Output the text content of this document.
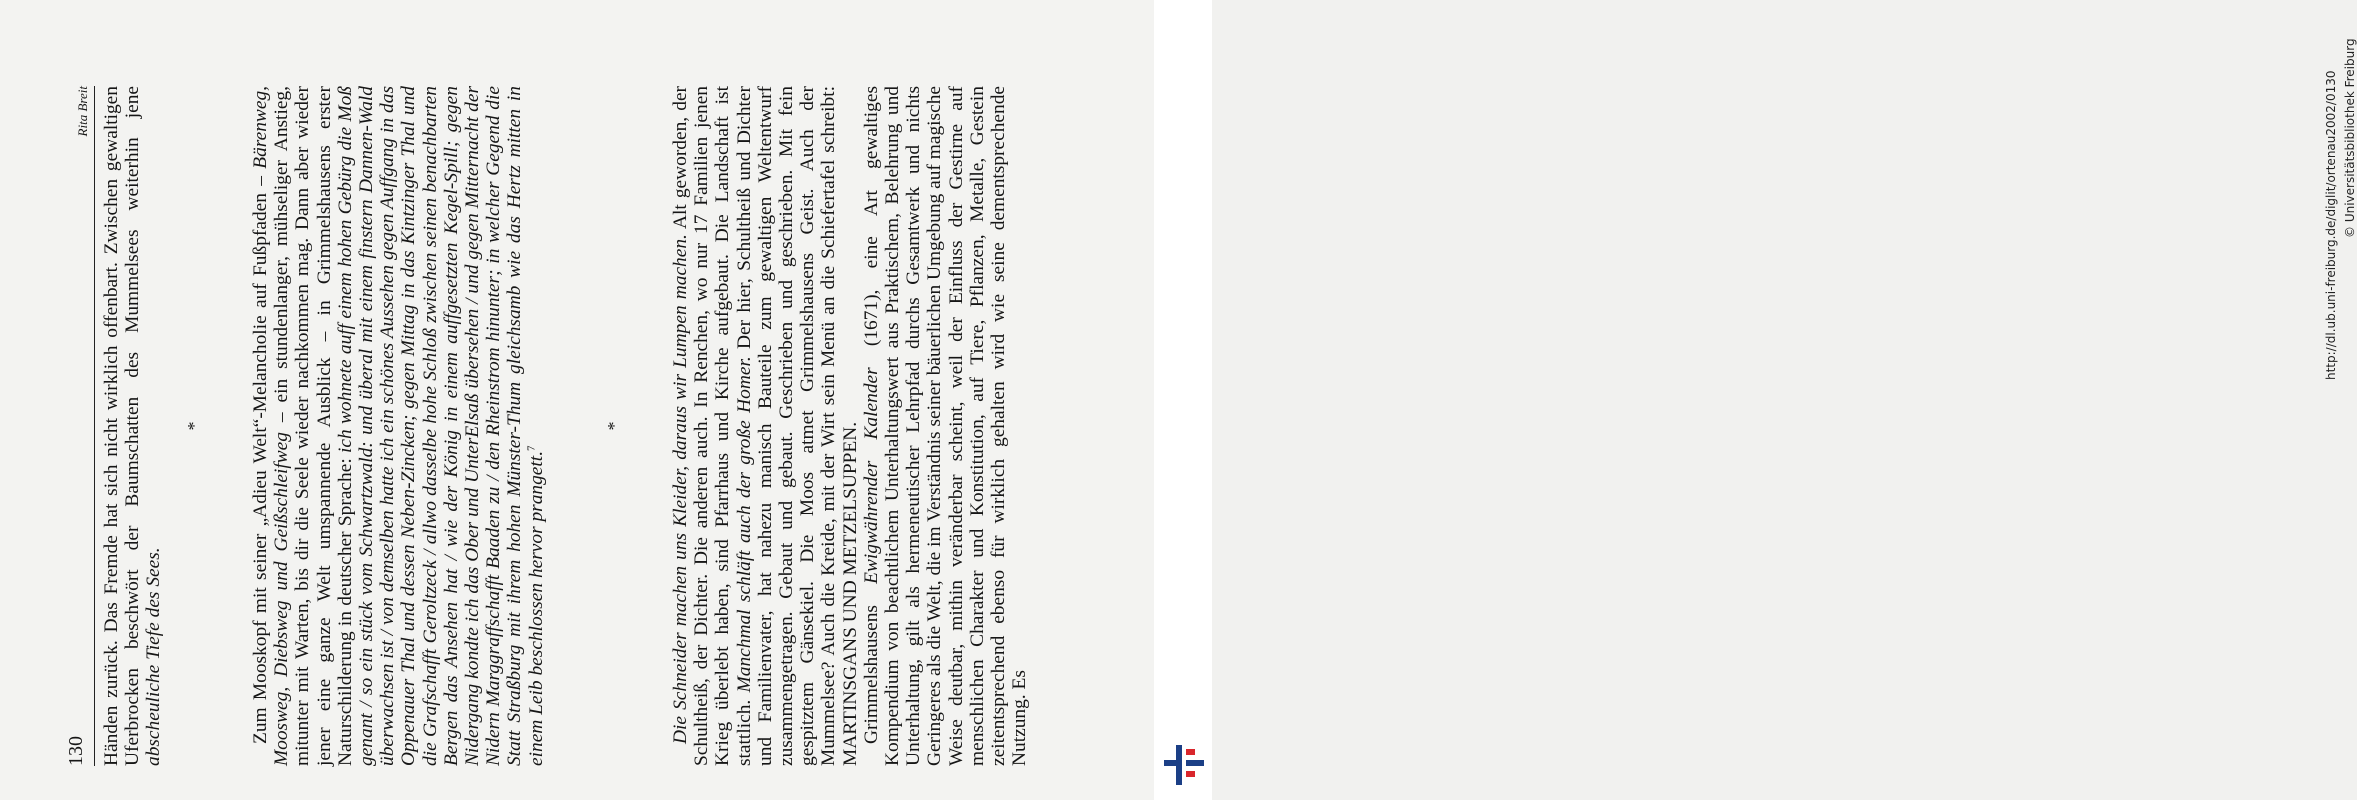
130
Rita Breit Händen zurück. Das Fremde hat sich nicht wirklich offenbart. Zwischen gewaltigen Uferbrocken beschwört der Baumschatten des Mummelsees weiterhin jene abscheuliche Tiefe des Sees.

* Zum Mooskopf mit seiner „Adieu Welt“-Melancholie auf Fußpfaden – Bärenweg, Moosweg, Diebsweg und Geißschleifweg – ein stundenlanger, mühseliger Anstieg, mitunter mit Warten, bis dir die Seele wieder nachkommen mag. Dann aber wieder jener eine ganze Welt umspannende Ausblick – in Grimmelshausens erster Naturschilderung in deutscher Sprache: ich wohnete auff einem hohen Gebürg die Moß genant / so ein stück vom Schwartzwald: und überal mit einem finstern Dannen-Wald überwachsen ist / von demselben hatte ich ein schönes Aussehen gegen Auffgang in das Oppenauer Thal und dessen Neben-Zincken; gegen Mittag in das Kintzinger Thal und die Grafschafft Geroltzeck / allwo dasselbe hohe Schloß zwischen seinen benachbarten Bergen das Ansehen hat / wie der König in einem auffgesetzten Kegel-Spill; gegen Nidergang kondte ich das Ober und UnterElsaß übersehen / und gegen Mitternacht der Nidern Marggraffschafft Baaden zu / den Rheinstrom hinunter; in welcher Gegend die Statt Straßburg mit ihrem hohen Münster-Thum gleichsamb wie das Hertz mitten in einem Leib beschlossen hervor prangett.$^7$

* Die Schneider machen uns Kleider, daraus wir Lumpen machen. Alt geworden, der Schultheiß, der Dichter. Die anderen auch. In Renchen, wo nur 17 Familien jenen Krieg überlebt haben, sind Pfarrhaus und Kirche aufgebaut. Die Landschaft ist stattlich. Manchmal schläft auch der große Homer. Der hier, Schultheiß und Dichter und Familienvater, hat nahezu manisch Bauteile zum gewaltigen Weltentwurf zusammengetragen. Gebaut und gebaut. Geschrieben und geschrieben. Mit fein gespitztem Gänsekiel. Die Moos atmet Grimmelshausens Geist. Auch der Mummelsee? Auch die Kreide, mit der Wirt sein Menü an die Schiefertafel schreibt: MARTINSGANS UND METZELSUPPEN. Grimmelshausens Ewigwährender Kalender (1671), eine Art gewaltiges Kompendium von beachtlichem Unterhaltungswert aus Praktischem, Belehrung und Unterhaltung, gilt als hermeneutischer Lehrpfad durchs Gesamtwerk und nichts Geringeres als die Welt, die im Verständnis seiner bäuerlichen Umgebung auf magische Weise deutbar, mithin veränderbar scheint, weil der Einfluss der Gestirne auf menschlichen Charakter und Konstitution, auf Tiere, Pflanzen, Metalle, Gestein zeitentsprechend ebenso für wirklich gehalten wird wie seine dementsprechende Nutzung. Es

http://dl.ub.uni-freiburg.de/diglit/ortenau2002/0130 © Universitätsbibliothek Freiburg
